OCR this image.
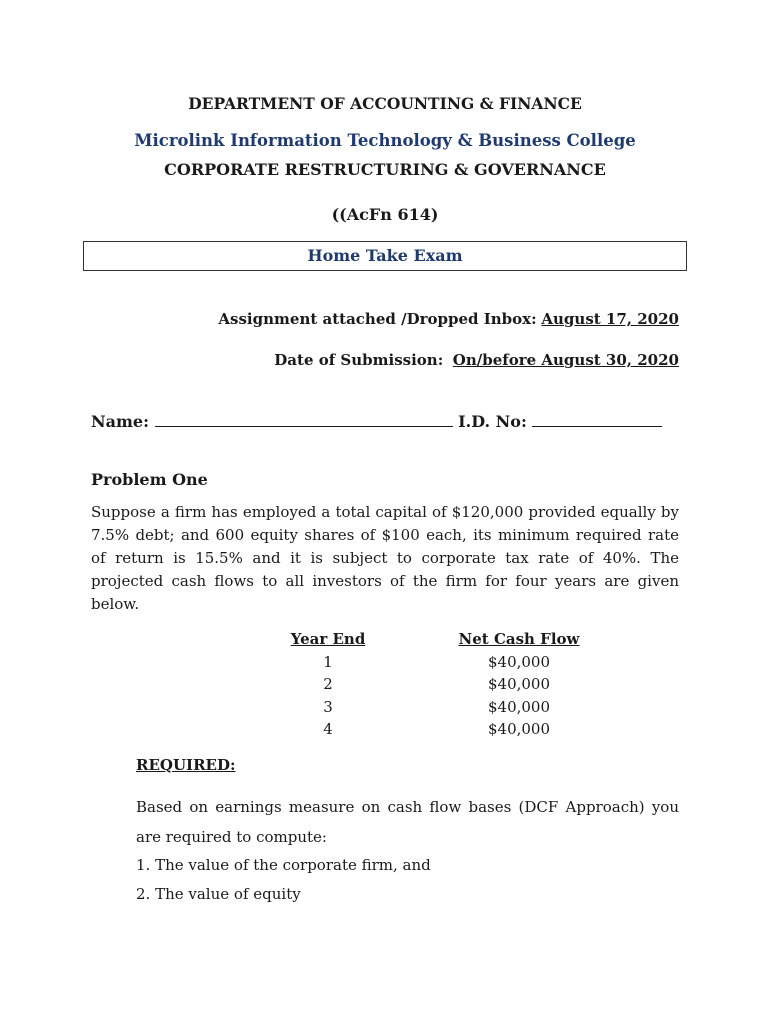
DEPARTMENT OF ACCOUNTING & FINANCE
Microlink Information Technology & Business College
CORPORATE RESTRUCTURING & GOVERNANCE
((AcFn 614)
Home Take Exam
Assignment attached /Dropped Inbox: August 17, 2020
Date of Submission: On/before August 30, 2020
Name:	I.D. No:
Problem One
Suppose a firm has employed a total capital of $120,000 provided equally by 7.5% debt; and 600 equity shares of $100 each, its minimum required rate of return is 15.5% and it is subject to corporate tax rate of 40%. The projected cash flows to all investors of the firm for four years are given below.
Year End		Net Cash Flow
1		$40,000
2		$40,000
3		$40,000
4		$40,000
REQUIRED:
Based on earnings measure on cash flow bases (DCF Approach) you are required to compute:
1. The value of the corporate firm, and
2. The value of equity
